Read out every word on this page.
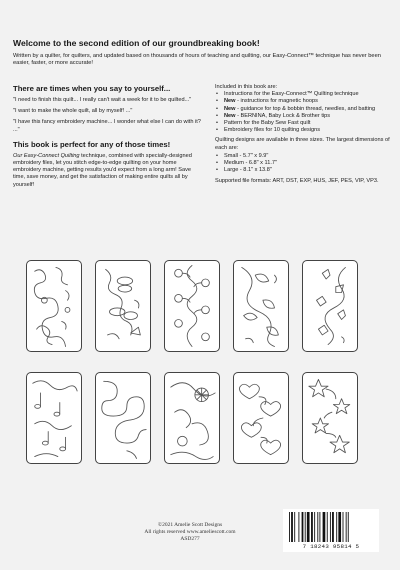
Welcome to the second edition of our groundbreaking book!
Written by a quilter, for quilters, and updated based on thousands of hours of teaching and quilting, our Easy-Connect™ technique has never been easier, faster, or more accurate!
There are times when you say to yourself...

"I need to finish this quilt... I really can't wait a week for it to be quilted..."

"I want to make the whole quilt, all by myself! ..."

"I have this fancy embroidery machine... I wonder what else I can do with it? ..."

This book is perfect for any of those times!

Our Easy-Connect Quilting technique, combined with specially-designed embroidery files, let you stitch edge-to-edge quilting on your home embroidery machine, getting results you'd expect from a long arm! Save time, save money, and get the satisfaction of making entire quilts all by yourself!

Included in this book are:

• Instructions for the Easy-Connect™ Quilting technique
• New - instructions for magnetic hoops
• New - guidance for top & bobbin thread, needles, and batting
• New - BERNINA, Baby Lock & Brother tips
• Pattern for the Baby Sew Fast quilt
• Embroidery files for 10 quilting designs

Quilting designs are available in three sizes. The largest dimensions of each are:

• Small - 5.7" x 9.9"
• Medium - 6.8" x 11.7"
• Large - 8.1" x 13.8"

Supported file formats: ART, DST, EXP, HUS, JEF, PES, VIP, VP3.

©2021 Amelie Scott Designs
All rights reserved www.ameliescott.com
ASD277
7 18243 95814 5
